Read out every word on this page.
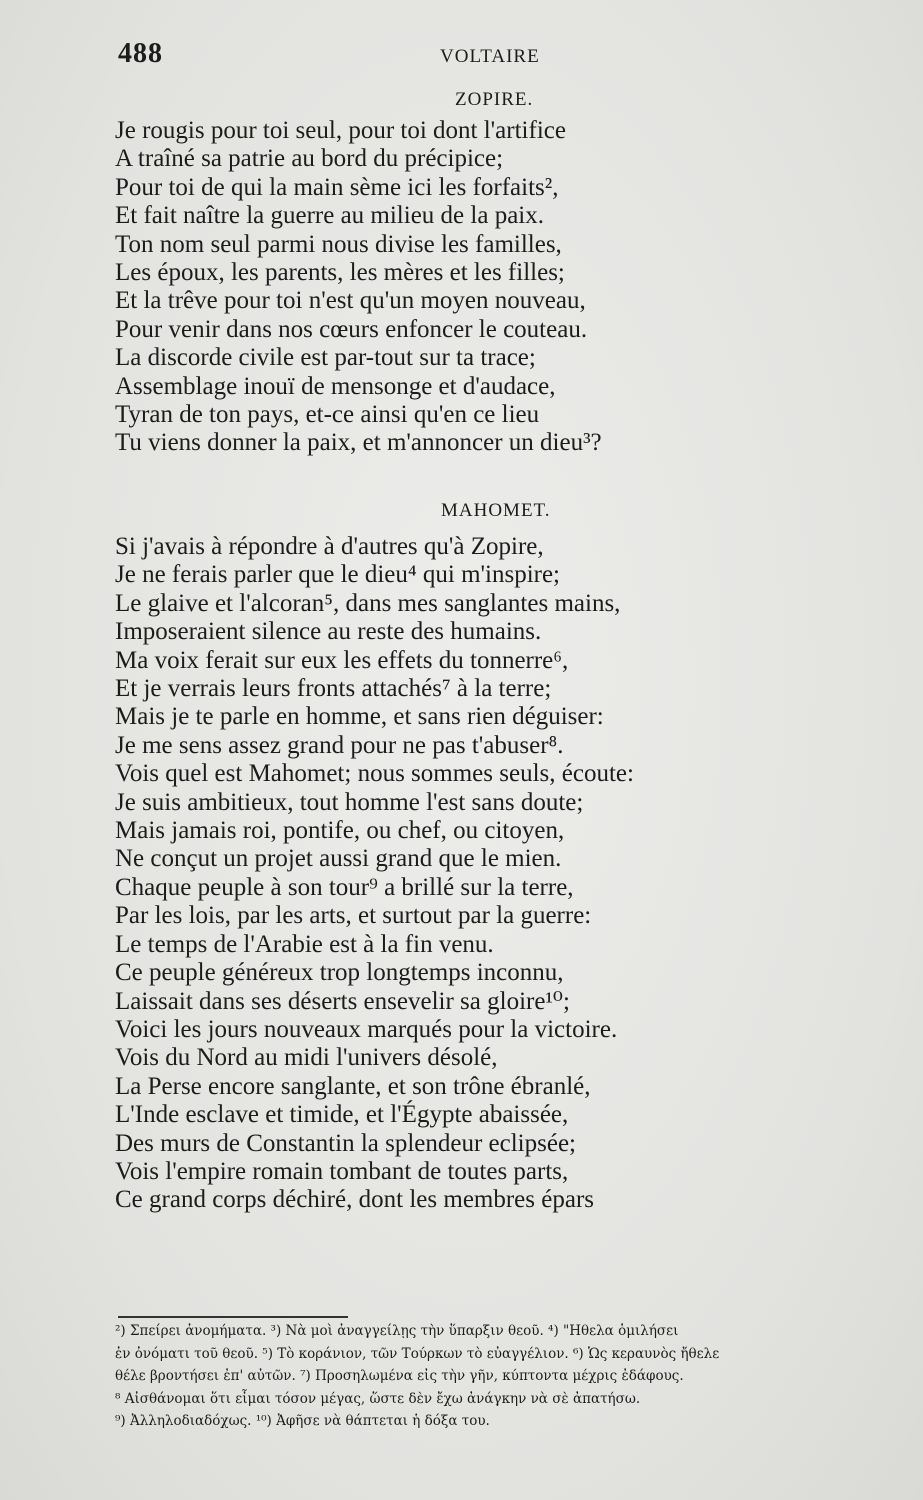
488	VOLTAIRE
ZOPIRE.
Je rougis pour toi seul, pour toi dont l'artifice
A traîné sa patrie au bord du précipice;
Pour toi de qui la main sème ici les forfaits²,
Et fait naître la guerre au milieu de la paix.
Ton nom seul parmi nous divise les familles,
Les époux, les parents, les mères et les filles;
Et la trêve pour toi n'est qu'un moyen nouveau,
Pour venir dans nos cœurs enfoncer le couteau.
La discorde civile est par-tout sur ta trace;
Assemblage inouï de mensonge et d'audace,
Tyran de ton pays, et-ce ainsi qu'en ce lieu
Tu viens donner la paix, et m'annoncer un dieu³?
MAHOMET.
Si j'avais à répondre à d'autres qu'à Zopire,
Je ne ferais parler que le dieu⁴ qui m'inspire;
Le glaive et l'alcoran⁵, dans mes sanglantes mains,
Imposeraient silence au reste des humains.
Ma voix ferait sur eux les effets du tonnerre⁶,
Et je verrais leurs fronts attachés⁷ à la terre;
Mais je te parle en homme, et sans rien déguiser:
Je me sens assez grand pour ne pas t'abuser⁸.
Vois quel est Mahomet; nous sommes seuls, écoute:
Je suis ambitieux, tout homme l'est sans doute;
Mais jamais roi, pontife, ou chef, ou citoyen,
Ne conçut un projet aussi grand que le mien.
Chaque peuple à son tour⁹ a brillé sur la terre,
Par les lois, par les arts, et surtout par la guerre:
Le temps de l'Arabie est à la fin venu.
Ce peuple généreux trop longtemps inconnu,
Laissait dans ses déserts ensevelir sa gloire¹⁰;
Voici les jours nouveaux marqués pour la victoire.
Vois du Nord au midi l'univers désolé,
La Perse encore sanglante, et son trône ébranlé,
L'Inde esclave et timide, et l'Égypte abaissée,
Des murs de Constantin la splendeur eclipsée;
Vois l'empire romain tombant de toutes parts,
Ce grand corps déchiré, dont les membres épars
²) Σπείρει ἀνομήματα. ³) Νὰ μοὶ ἀναγγείλῃς τὴν ὕπαρξιν θεοῦ. ⁴) "Ηθελα ὁμιλήσει
ἐν ὀνόματι τοῦ θεοῦ. ⁵) Τὸ κοράνιον, τῶν Τούρκων τὸ εὐαγγέλιον. ⁶) Ὡς κεραυνὸς ἤθελε
θέλε βροντήσει ἐπ' αὐτῶν. ⁷) Προσηλωμένα εἰς τὴν γῆν, κύπτοντα μέχρις ἐδάφους.
⁸ Αἰσθάνομαι ὅτι εἶμαι τόσον μέγας, ὥστε δὲν ἔχω ἀνάγκην νὰ σὲ ἀπατήσω.
⁹) Ἀλληλοδιαδόχως. ¹⁰) Ἀφῆσε νὰ θάπτεται ἡ δόξα του.
